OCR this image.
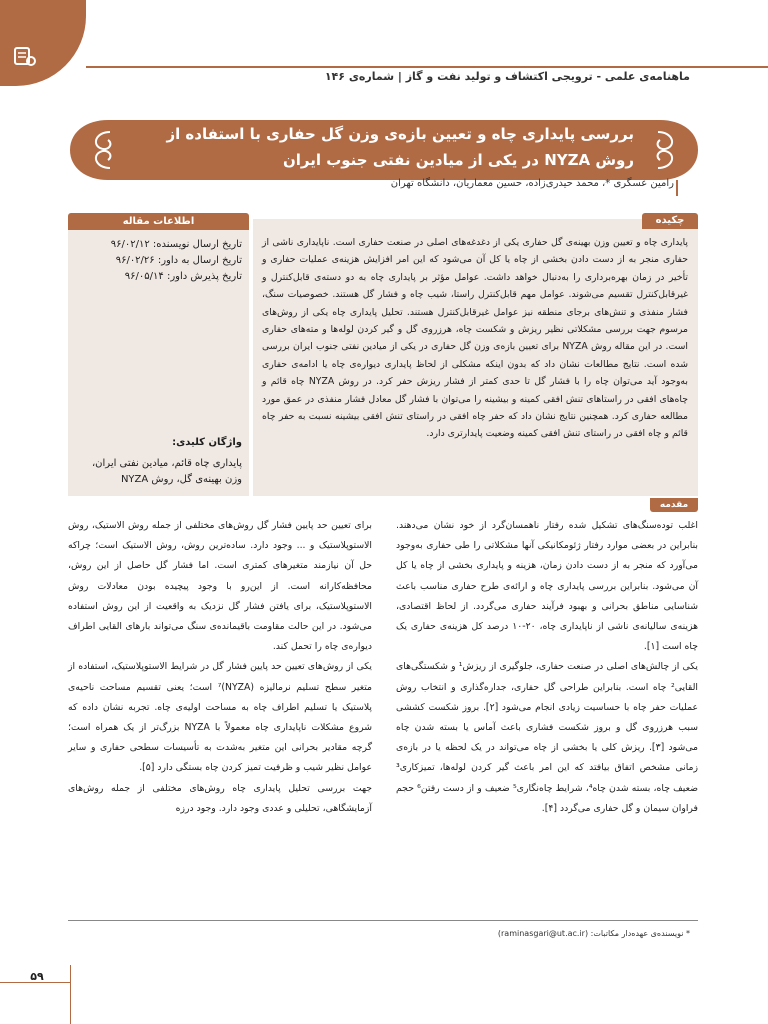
ماهنامه‌ی علمی - ترویجی اکتشاف و تولید نفت و گاز | شماره‌ی ۱۴۶
بررسی پایداری چاه و تعیین بازه‌ی وزن گل حفاری با استفاده از
روش NYZA در یکی از میادین نفتی جنوب ایران
رامین عسگری *، محمد حیدری‌زاده، حسین معماریان، دانشگاه تهران
چکیده
پایداری چاه و تعیین وزن بهینه‌ی گل حفاری یکی از دغدغه‌های اصلی در صنعت حفاری است. ناپایداری ناشی از حفاری منجر به از دست دادن بخشی از چاه یا کل آن می‌شود که این امر افزایش هزینه‌ی عملیات حفاری و تأخیر در زمان بهره‌برداری را به‌دنبال خواهد داشت. عوامل مؤثر بر پایداری چاه به دو دسته‌ی قابل‌کنترل و غیرقابل‌کنترل تقسیم می‌شوند. عوامل مهم قابل‌کنترل راستا، شیب چاه و فشار گل هستند. خصوصیات سنگ، فشار منفذی و تنش‌های برجای منطقه نیز عوامل غیرقابل‌کنترل هستند. تحلیل پایداری چاه یکی از روش‌های مرسوم جهت بررسی مشکلاتی نظیر ریزش و شکست چاه، هرزروی گل و گیر کردن لوله‌ها و مته‌های حفاری است. در این مقاله روش NYZA برای تعیین بازه‌ی وزن گل حفاری در یکی از میادین نفتی جنوب ایران بررسی شده است. نتایج مطالعات نشان داد که بدون اینکه مشکلی از لحاظ پایداری دیواره‌ی چاه یا ادامه‌ی حفاری به‌وجود آید می‌توان چاه را با فشار گل تا حدی کمتر از فشار ریزش حفر کرد. در روش NYZA چاه قائم و چاه‌های افقی در راستاهای تنش افقی کمینه و بیشینه را می‌توان با فشار گل معادل فشار منفذی در عمق مورد مطالعه حفاری کرد. همچنین نتایج نشان داد که حفر چاه افقی در راستای تنش افقی بیشینه نسبت به حفر چاه قائم و چاه افقی در راستای تنش افقی کمینه وضعیت پایدارتری دارد.
اطلاعات مقاله
تاریخ ارسال نویسنده: ۹۶/۰۲/۱۲
تاریخ ارسال به داور: ۹۶/۰۲/۲۶
تاریخ پذیرش داور: ۹۶/۰۵/۱۴
واژگان کلیدی:
پایداری چاه قائم، میادین نفتی ایران، وزن بهینه‌ی گل، روش NYZA
مقدمه
اغلب توده‌سنگ‌های تشکیل شده رفتار ناهمسان‌گرد از خود نشان می‌دهند. بنابراین در بعضی موارد رفتار ژئومکانیکی آنها مشکلاتی را طی حفاری به‌وجود می‌آورد که منجر به از دست دادن زمان، هزینه و پایداری بخشی از چاه یا کل آن می‌شود. بنابراین بررسی پایداری چاه و ارائه‌ی طرح حفاری مناسب باعث شناسایی مناطق بحرانی و بهبود فرآیند حفاری می‌گردد. از لحاظ اقتصادی، هزینه‌ی سالیانه‌ی ناشی از ناپایداری چاه، ۲۰-۱۰ درصد کل هزینه‌ی حفاری یک چاه است [۱].
یکی از چالش‌های اصلی در صنعت حفاری، جلوگیری از ریزش¹ و شکستگی‌های القایی² چاه است. بنابراین طراحی گل حفاری، جداره‌گذاری و انتخاب روش عملیات حفر چاه با حساسیت زیادی انجام می‌شود [۲]. بروز شکست کششی سبب هرزروی گل و بروز شکست فشاری باعث آماس یا بسته شدن چاه می‌شود [۳]. ریزش کلی یا بخشی از چاه می‌تواند در یک لحظه یا در بازه‌ی زمانی مشخص اتفاق بیافتد که این امر باعث گیر کردن لوله‌ها، تمیزکاری³ ضعیف چاه، بسته شدن چاه⁴، شرایط چاه‌نگاری⁵ ضعیف و از دست رفتن⁶ حجم فراوان سیمان و گل حفاری می‌گردد [۴].
برای تعیین حد پایین فشار گل روش‌های مختلفی از جمله روش الاستیک، روش الاستوپلاستیک و ... وجود دارد. ساده‌ترین روش، روش الاستیک است؛ چراکه حل آن نیازمند متغیرهای کمتری است. اما فشار گل حاصل از این روش، محافظه‌کارانه است. از این‌رو با وجود پیچیده بودن معادلات روش الاستوپلاستیک، برای یافتن فشار گل نزدیک به واقعیت از این روش استفاده می‌شود. در این حالت مقاومت باقیمانده‌ی سنگ می‌تواند بارهای القایی اطراف دیواره‌ی چاه را تحمل کند.
یکی از روش‌های تعیین حد پایین فشار گل در شرایط الاستوپلاستیک، استفاده از متغیر سطح تسلیم نرمالیزه (NYZA)⁷ است؛ یعنی تقسیم مساحت ناحیه‌ی پلاستیک یا تسلیم اطراف چاه به مساحت اولیه‌ی چاه. تجربه نشان داده که شروع مشکلات ناپایداری چاه معمولاً با NYZA بزرگ‌تر از یک همراه است؛ گرچه مقادیر بحرانی این متغیر به‌شدت به تأسیسات سطحی حفاری و سایر عوامل نظیر شیب و ظرفیت تمیز کردن چاه بستگی دارد [۵].
جهت بررسی تحلیل پایداری چاه روش‌های مختلفی از جمله روش‌های آزمایشگاهی، تحلیلی و عددی وجود دارد. وجود درزه
* نویسنده‌ی عهده‌دار مکاتبات: (raminasgari@ut.ac.ir)
۵۹
